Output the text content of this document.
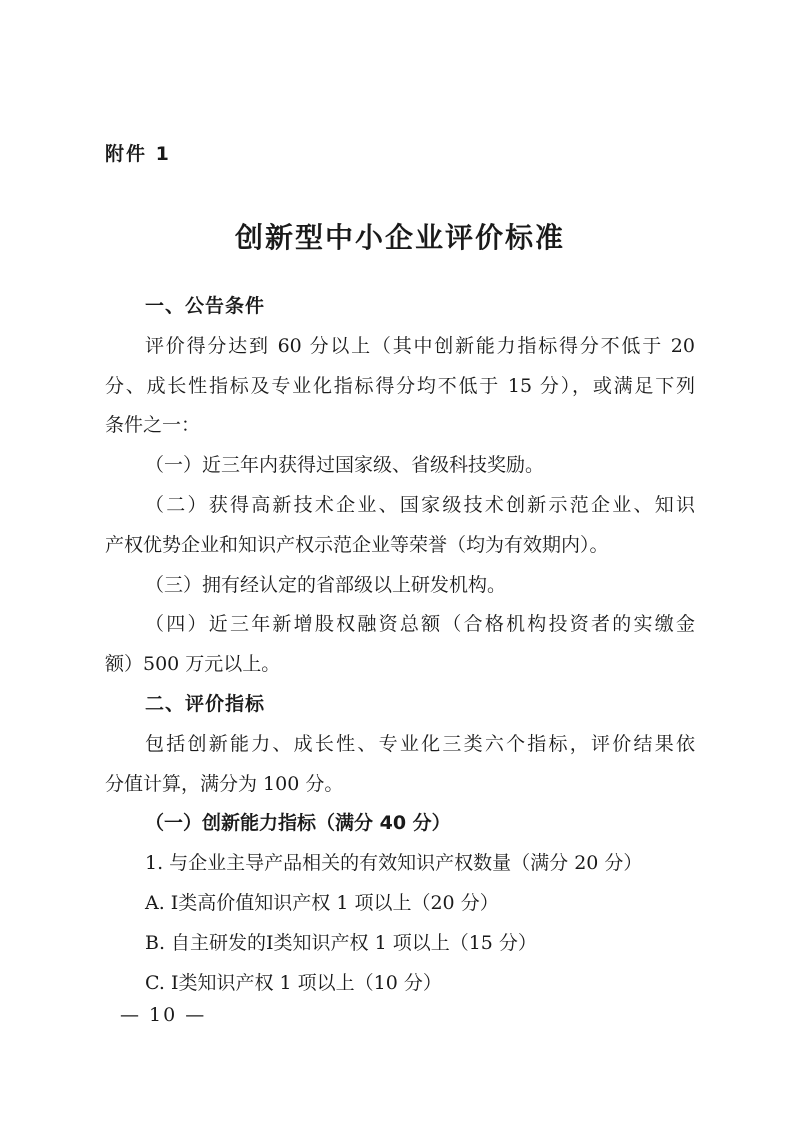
附件 1
创新型中小企业评价标准
一、公告条件
评价得分达到 60 分以上（其中创新能力指标得分不低于 20
分、成长性指标及专业化指标得分均不低于 15 分），或满足下列
条件之一：
（一）近三年内获得过国家级、省级科技奖励。
（二）获得高新技术企业、国家级技术创新示范企业、知识
产权优势企业和知识产权示范企业等荣誉（均为有效期内）。
（三）拥有经认定的省部级以上研发机构。
（四）近三年新增股权融资总额（合格机构投资者的实缴金
额）500 万元以上。
二、评价指标
包括创新能力、成长性、专业化三类六个指标，评价结果依
分值计算，满分为 100 分。
（一）创新能力指标（满分 40 分）
1. 与企业主导产品相关的有效知识产权数量（满分 20 分）
A. Ⅰ类高价值知识产权 1 项以上（20 分）
B. 自主研发的Ⅰ类知识产权 1 项以上（15 分）
C. Ⅰ类知识产权 1 项以上（10 分）
— 10 —
